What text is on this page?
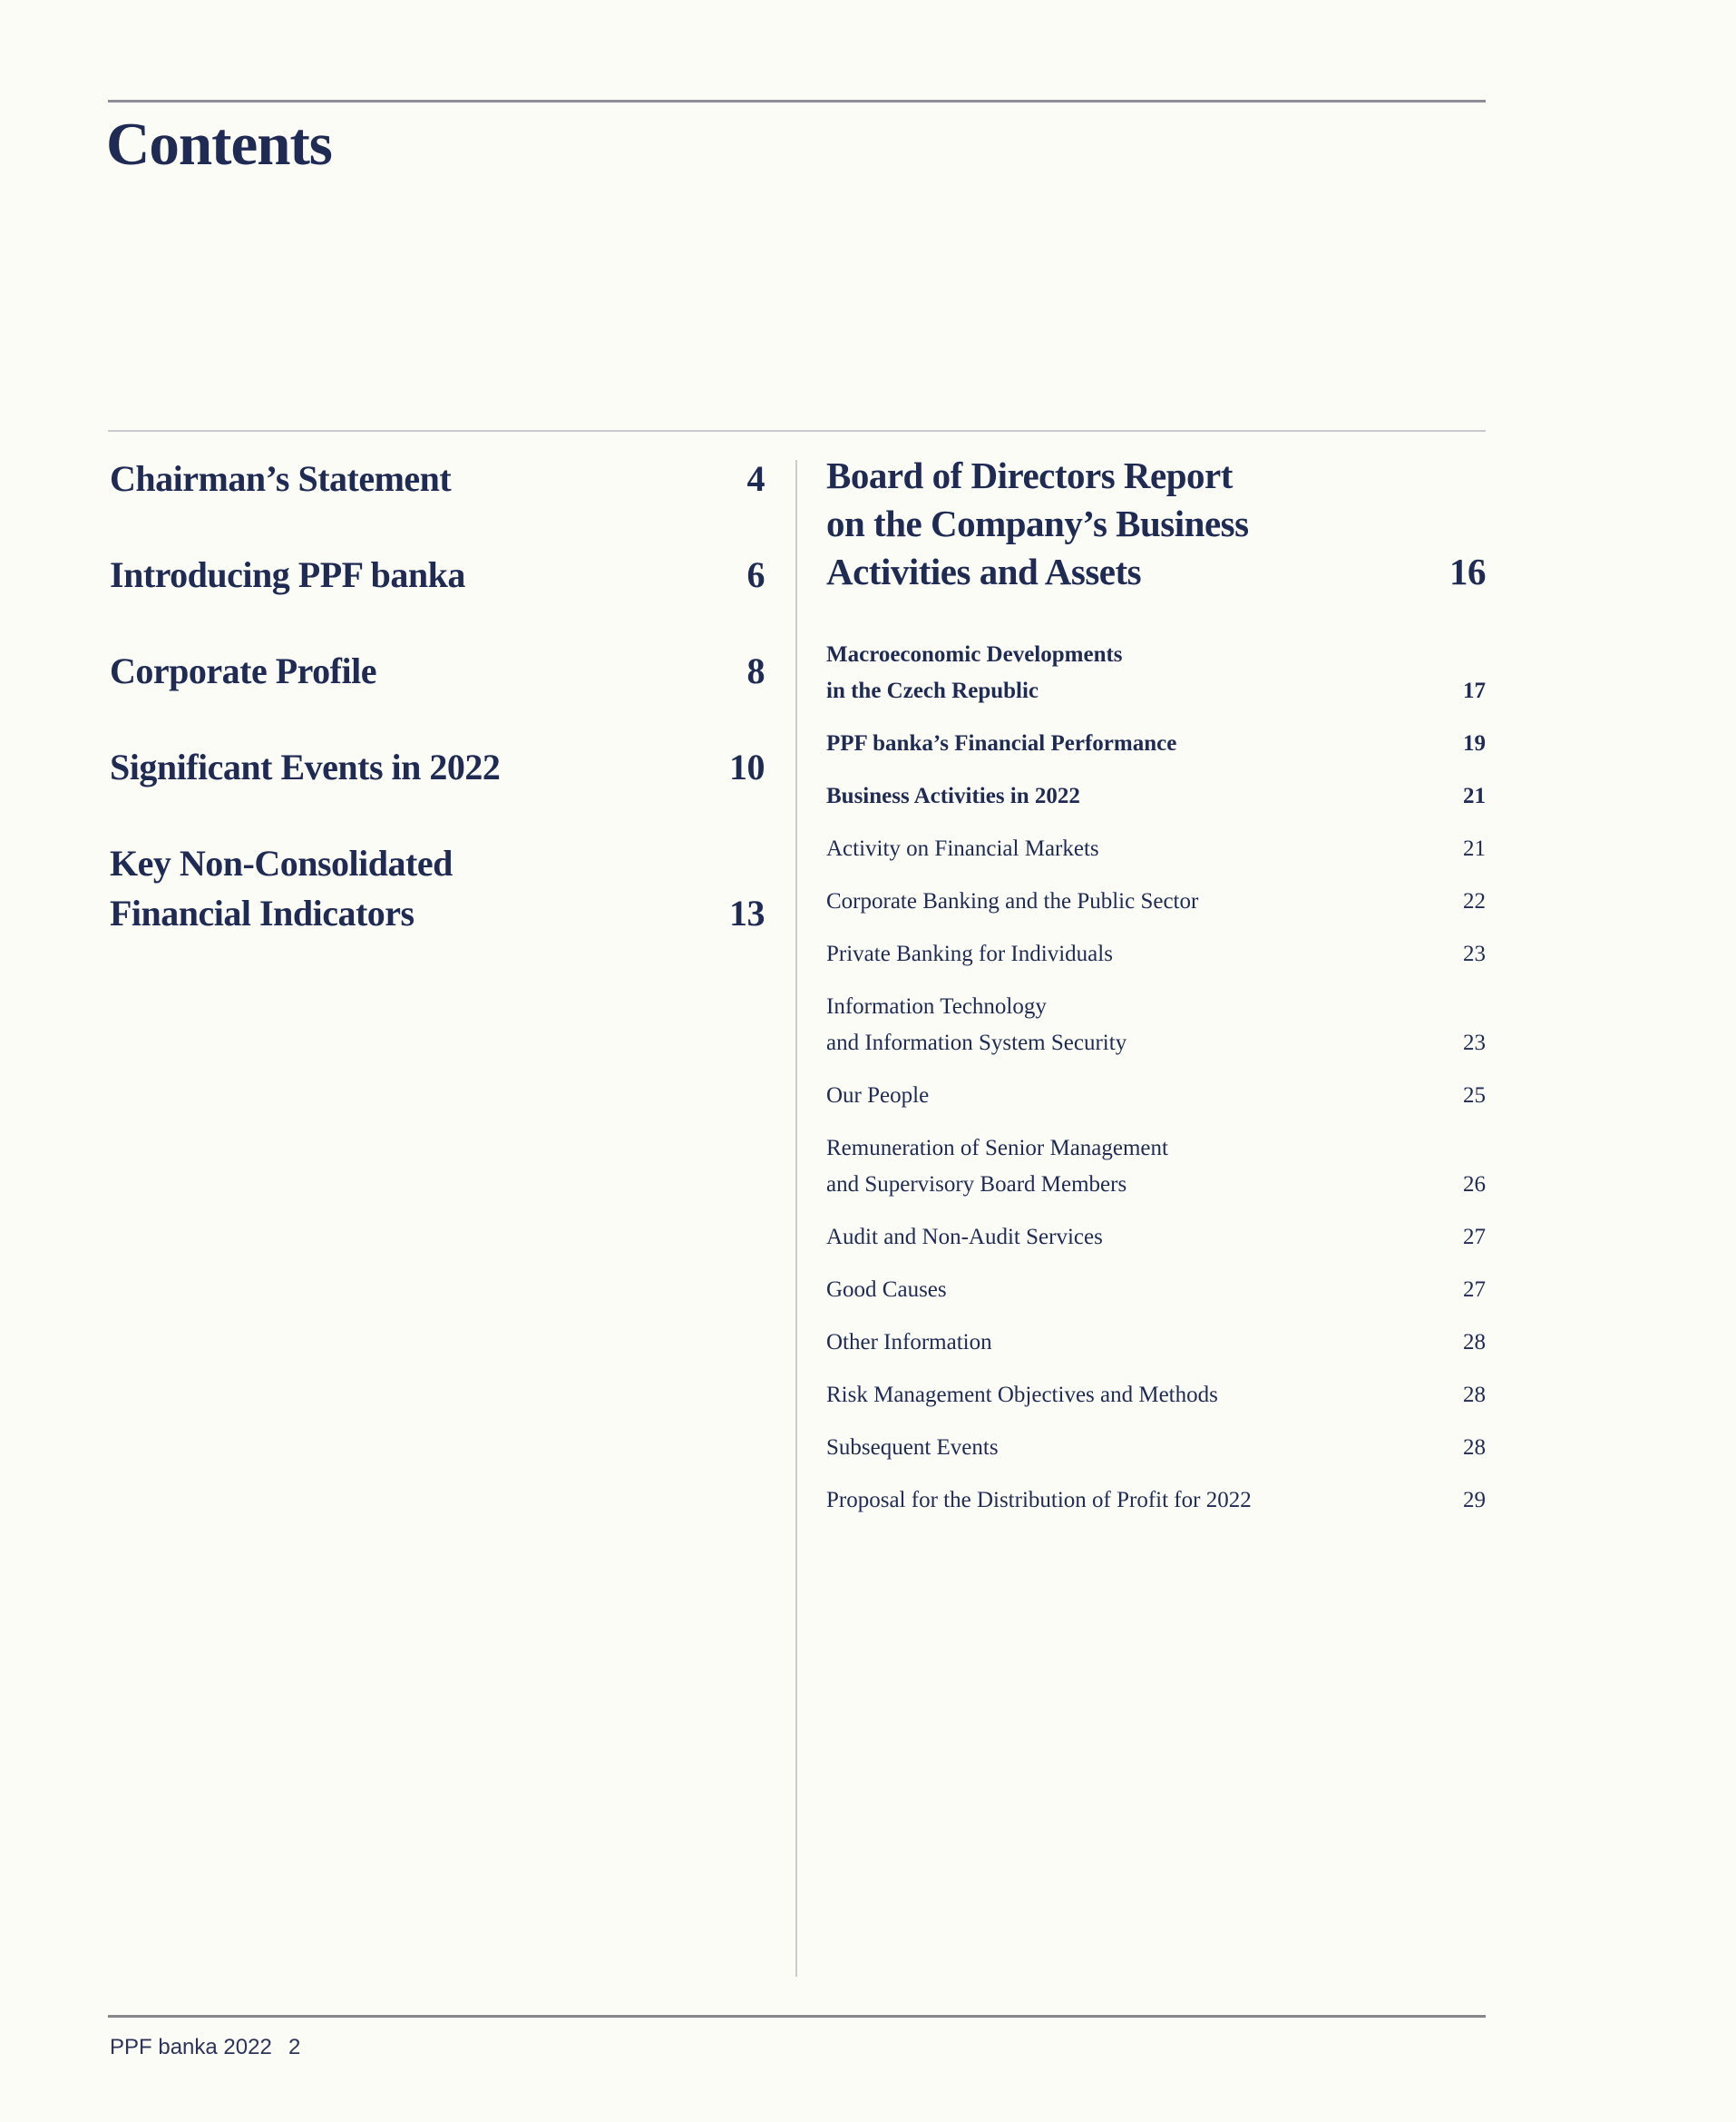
Contents
Chairman’s Statement	4
Introducing PPF banka	6
Corporate Profile	8
Significant Events in 2022	10
Key Non-Consolidated
Financial Indicators	13
Board of Directors Report
on the Company’s Business
Activities and Assets	16
Macroeconomic Developments
in the Czech Republic	17
PPF banka’s Financial Performance	19
Business Activities in 2022	21
Activity on Financial Markets	21
Corporate Banking and the Public Sector	22
Private Banking for Individuals	23
Information Technology
and Information System Security	23
Our People	25
Remuneration of Senior Management
and Supervisory Board Members	26
Audit and Non-Audit Services	27
Good Causes	27
Other Information	28
Risk Management Objectives and Methods	28
Subsequent Events	28
Proposal for the Distribution of Profit for 2022	29
PPF banka 2022 2
